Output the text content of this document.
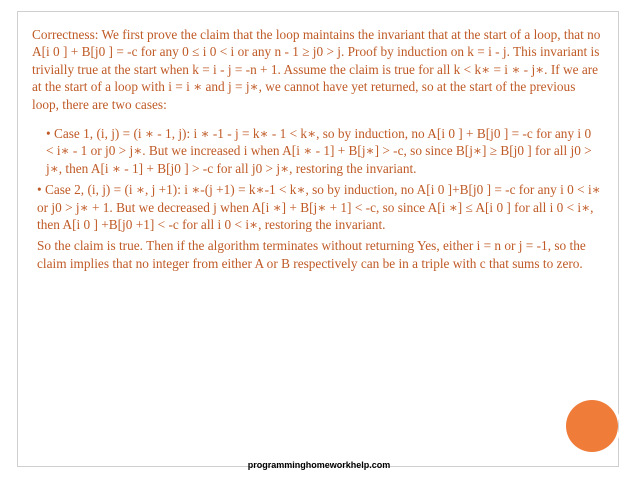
Correctness: We first prove the claim that the loop maintains the invariant that at the start of a loop, that no A[i 0 ] + B[j0 ] = -c for any 0 ≤ i 0 < i or any n - 1 ≥ j0 > j. Proof by induction on k = i - j. This invariant is trivially true at the start when k = i - j = -n + 1. Assume the claim is true for all k < k∗ = i ∗ - j∗. If we are at the start of a loop with i = i ∗ and j = j∗, we cannot have yet returned, so at the start of the previous loop, there are two cases:

• Case 1, (i, j) = (i ∗ - 1, j): i ∗ -1 - j = k∗ - 1 < k∗, so by induction, no A[i 0 ] + B[j0 ] = -c for any i 0 < i∗ - 1 or j0 > j∗. But we increased i when A[i ∗ - 1] + B[j∗] > -c, so since B[j∗] ≥ B[j0 ] for all j0 > j∗, then A[i ∗ - 1] + B[j0 ] > -c for all j0 > j∗, restoring the invariant.

• Case 2, (i, j) = (i ∗, j +1): i ∗-(j +1) = k∗-1 < k∗, so by induction, no A[i 0 ]+B[j0 ] = -c for any i 0 < i∗ or j0 > j∗ + 1. But we decreased j when A[i ∗] + B[j∗ + 1] < -c, so since A[i ∗] ≤ A[i 0 ] for all i 0 < i∗, then A[i 0 ] +B[j0 +1] < -c for all i 0 < i∗, restoring the invariant.

So the claim is true. Then if the algorithm terminates without returning Yes, either i = n or j = -1, so the claim implies that no integer from either A or B respectively can be in a triple with c that sums to zero.

programminghomeworkhelp.com
